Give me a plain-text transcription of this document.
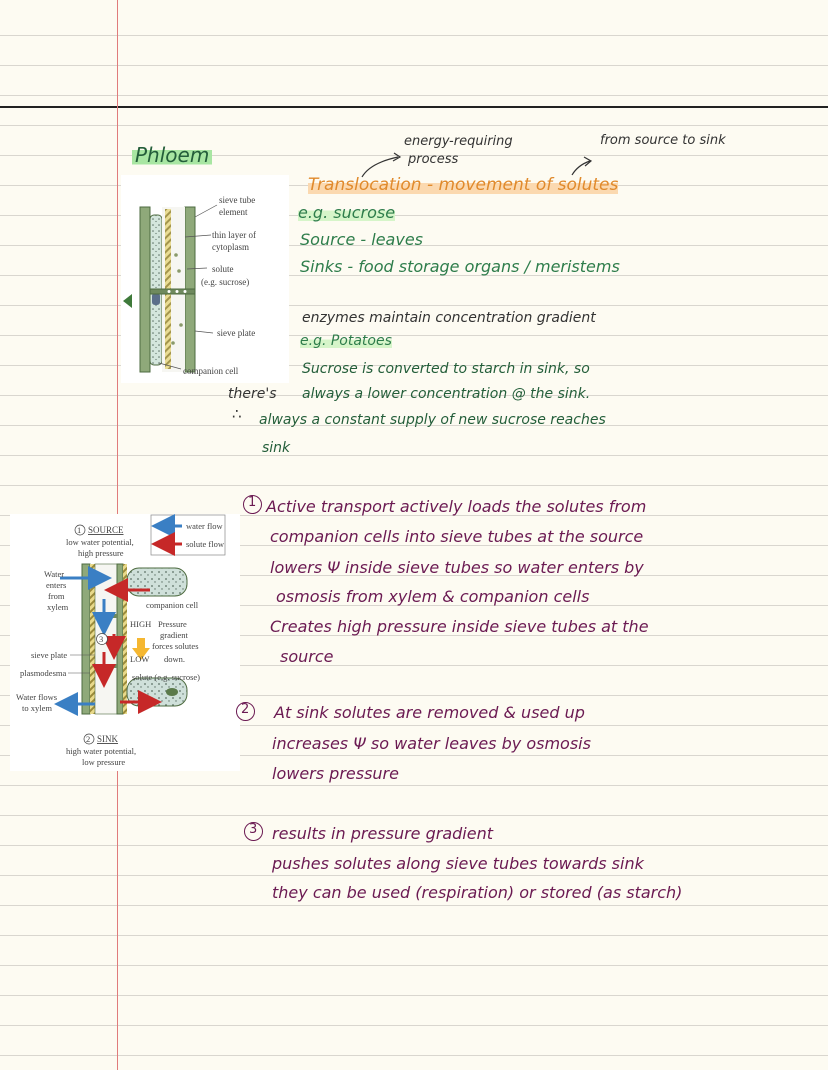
Phloem
energy-requiring
process
from source to sink
Translocation - movement of solutes
e.g. sucrose
Source - leaves
Sinks - food storage organs / meristems
enzymes maintain concentration gradient
e.g. Potatoes
Sucrose is converted to starch in sink, so
there's always a lower concentration @ the sink.
∴ always a constant supply of new sucrose reaches
sink
sieve tube
element
thin layer of
cytoplasm
solute
(e.g. sucrose)
sieve plate
companion cell
water flow
solute flow
1 SOURCE
low water potential,
high pressure
3
Water
enters
from
xylem	companion cell
HIGH Pressure
gradient
forces solutes
LOW down.
sieve plate
plasmodesma	solute (e.g. sucrose)
Water flows
to xylem
2 SINK
high water potential,
low pressure
1 Active transport actively loads the solutes from
companion cells into sieve tubes at the source
lowers Ψ inside sieve tubes so water enters by
osmosis from xylem & companion cells
Creates high pressure inside sieve tubes at the
source
2 At sink solutes are removed & used up
increases Ψ so water leaves by osmosis
lowers pressure
3 results in pressure gradient
pushes solutes along sieve tubes towards sink
they can be used (respiration) or stored (as starch)
